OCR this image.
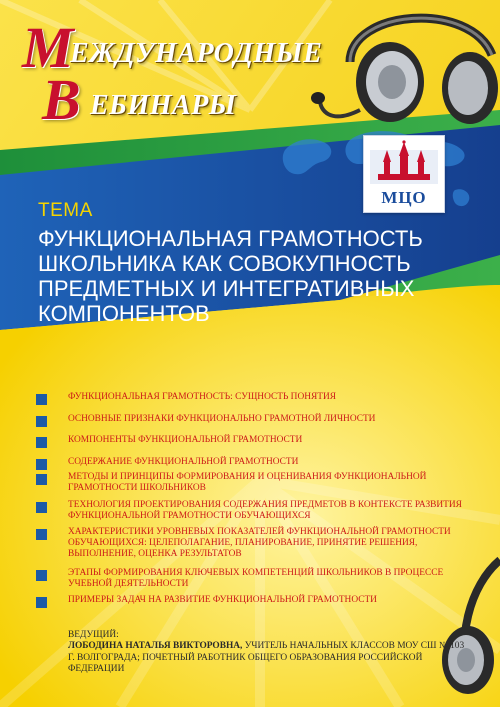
М
ЕЖДУНАРОДНЫЕ
В ЕБИНАРЫ
МЦО
ТЕМА
ФУНКЦИОНАЛЬНАЯ ГРАМОТНОСТЬ ШКОЛЬНИКА КАК СОВОКУПНОСТЬ ПРЕДМЕТНЫХ И ИНТЕГРАТИВНЫХ КОМПОНЕНТОВ
ФУНКЦИОНАЛЬНАЯ ГРАМОТНОСТЬ: СУЩНОСТЬ ПОНЯТИЯ
ОСНОВНЫЕ ПРИЗНАКИ ФУНКЦИОНАЛЬНО ГРАМОТНОЙ ЛИЧНОСТИ
КОМПОНЕНТЫ ФУНКЦИОНАЛЬНОЙ ГРАМОТНОСТИ
СОДЕРЖАНИЕ ФУНКЦИОНАЛЬНОЙ ГРАМОТНОСТИ
МЕТОДЫ И ПРИНЦИПЫ ФОРМИРОВАНИЯ И ОЦЕНИВАНИЯ ФУНКЦИОНАЛЬНОЙ ГРАМОТНОСТИ ШКОЛЬНИКОВ
ТЕХНОЛОГИЯ ПРОЕКТИРОВАНИЯ СОДЕРЖАНИЯ ПРЕДМЕТОВ В КОНТЕКСТЕ РАЗВИТИЯ ФУНКЦИОНАЛЬНОЙ ГРАМОТНОСТИ ОБУЧАЮЩИХСЯ
ХАРАКТЕРИСТИКИ УРОВНЕВЫХ ПОКАЗАТЕЛЕЙ ФУНКЦИОНАЛЬНОЙ ГРАМОТНОСТИ ОБУЧАЮЩИХСЯ: ЦЕЛЕПОЛАГАНИЕ, ПЛАНИРОВАНИЕ, ПРИНЯТИЕ РЕШЕНИЯ, ВЫПОЛНЕНИЕ, ОЦЕНКА РЕЗУЛЬТАТОВ
ЭТАПЫ ФОРМИРОВАНИЯ КЛЮЧЕВЫХ КОМПЕТЕНЦИЙ ШКОЛЬНИКОВ В ПРОЦЕССЕ УЧЕБНОЙ ДЕЯТЕЛЬНОСТИ
ПРИМЕРЫ ЗАДАЧ НА РАЗВИТИЕ ФУНКЦИОНАЛЬНОЙ ГРАМОТНОСТИ
ВЕДУЩИЙ:
ЛОБОДИНА НАТАЛЬЯ ВИКТОРОВНА, УЧИТЕЛЬ НАЧАЛЬНЫХ КЛАССОВ МОУ СШ № 103 Г. ВОЛГОГРАДА; ПОЧЕТНЫЙ РАБОТНИК ОБЩЕГО ОБРАЗОВАНИЯ РОССИЙСКОЙ ФЕДЕРАЦИИ
